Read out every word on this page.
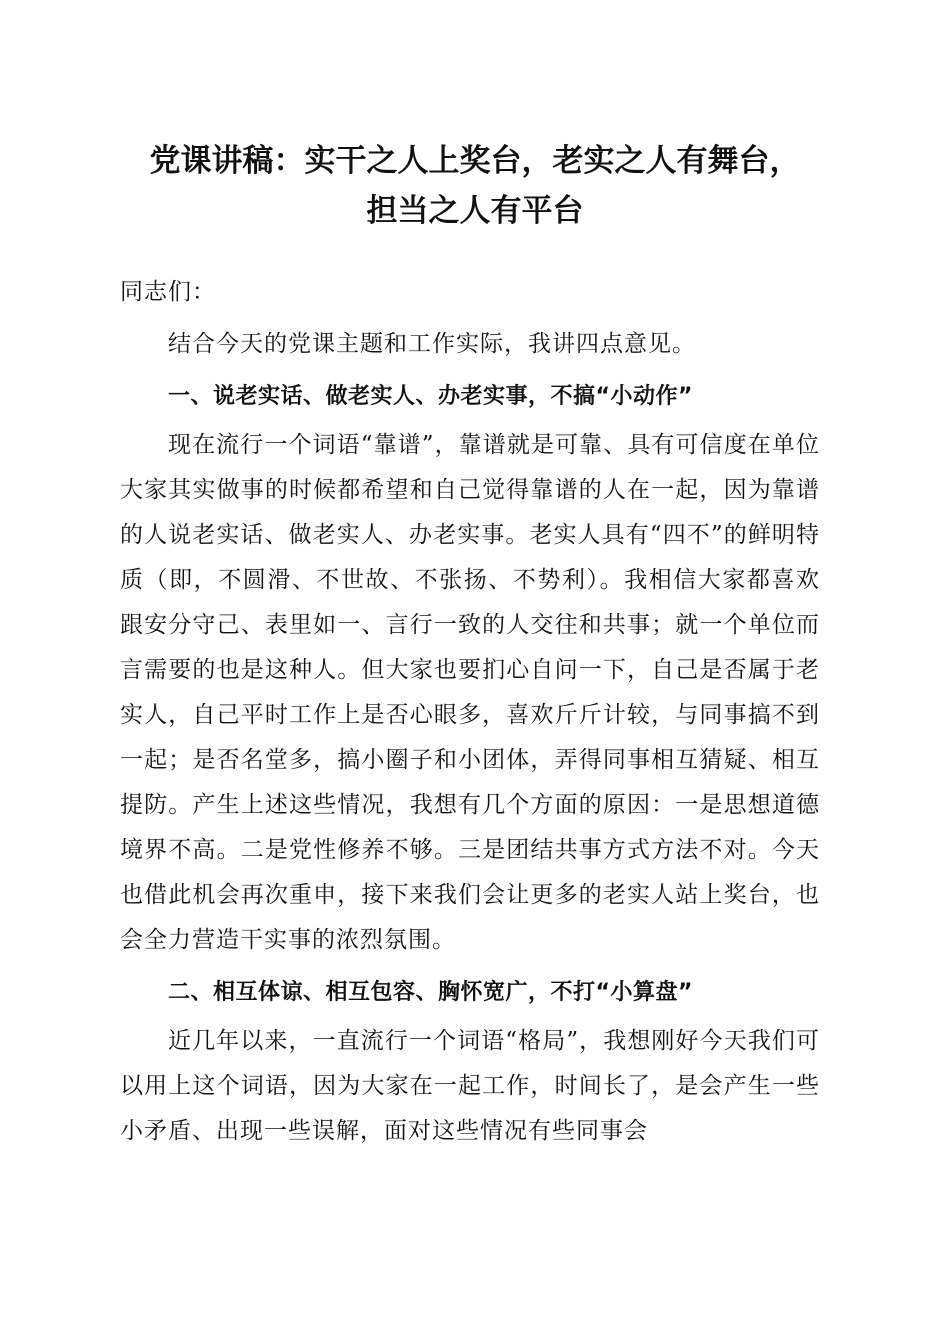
党课讲稿：实干之人上奖台，老实之人有舞台，
担当之人有平台
同志们：

结合今天的党课主题和工作实际，我讲四点意见。

一、说老实话、做老实人、办老实事，不搞“小动作”

现在流行一个词语“靠谱”，靠谱就是可靠、具有可信度在单位大家其实做事的时候都希望和自己觉得靠谱的人在一起，因为靠谱的人说老实话、做老实人、办老实事。老实人具有“四不”的鲜明特质（即，不圆滑、不世故、不张扬、不势利）。我相信大家都喜欢跟安分守己、表里如一、言行一致的人交往和共事；就一个单位而言需要的也是这种人。但大家也要扪心自问一下，自己是否属于老实人，自己平时工作上是否心眼多，喜欢斤斤计较，与同事搞不到一起；是否名堂多，搞小圈子和小团体，弄得同事相互猜疑、相互提防。产生上述这些情况，我想有几个方面的原因：一是思想道德境界不高。二是党性修养不够。三是团结共事方式方法不对。今天也借此机会再次重申，接下来我们会让更多的老实人站上奖台，也会全力营造干实事的浓烈氛围。

二、相互体谅、相互包容、胸怀宽广，不打“小算盘”

近几年以来，一直流行一个词语“格局”，我想刚好今天我们可以用上这个词语，因为大家在一起工作，时间长了，是会产生一些小矛盾、出现一些误解，面对这些情况有些同事会
